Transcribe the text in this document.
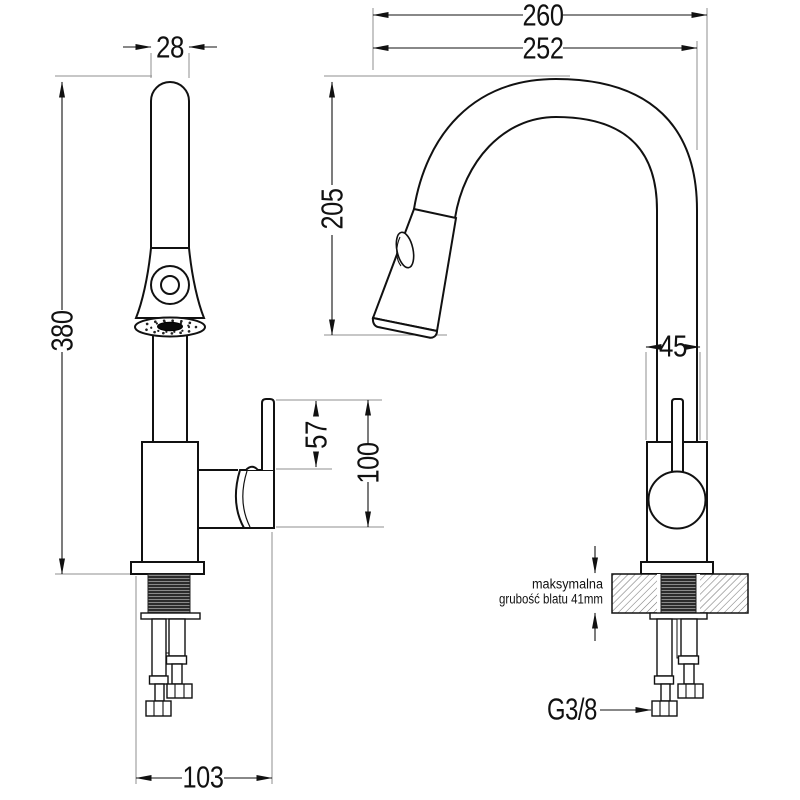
28
380
260
252
205
45
57
100
103
maksymalna
grubość blatu 41mm
G3/8
